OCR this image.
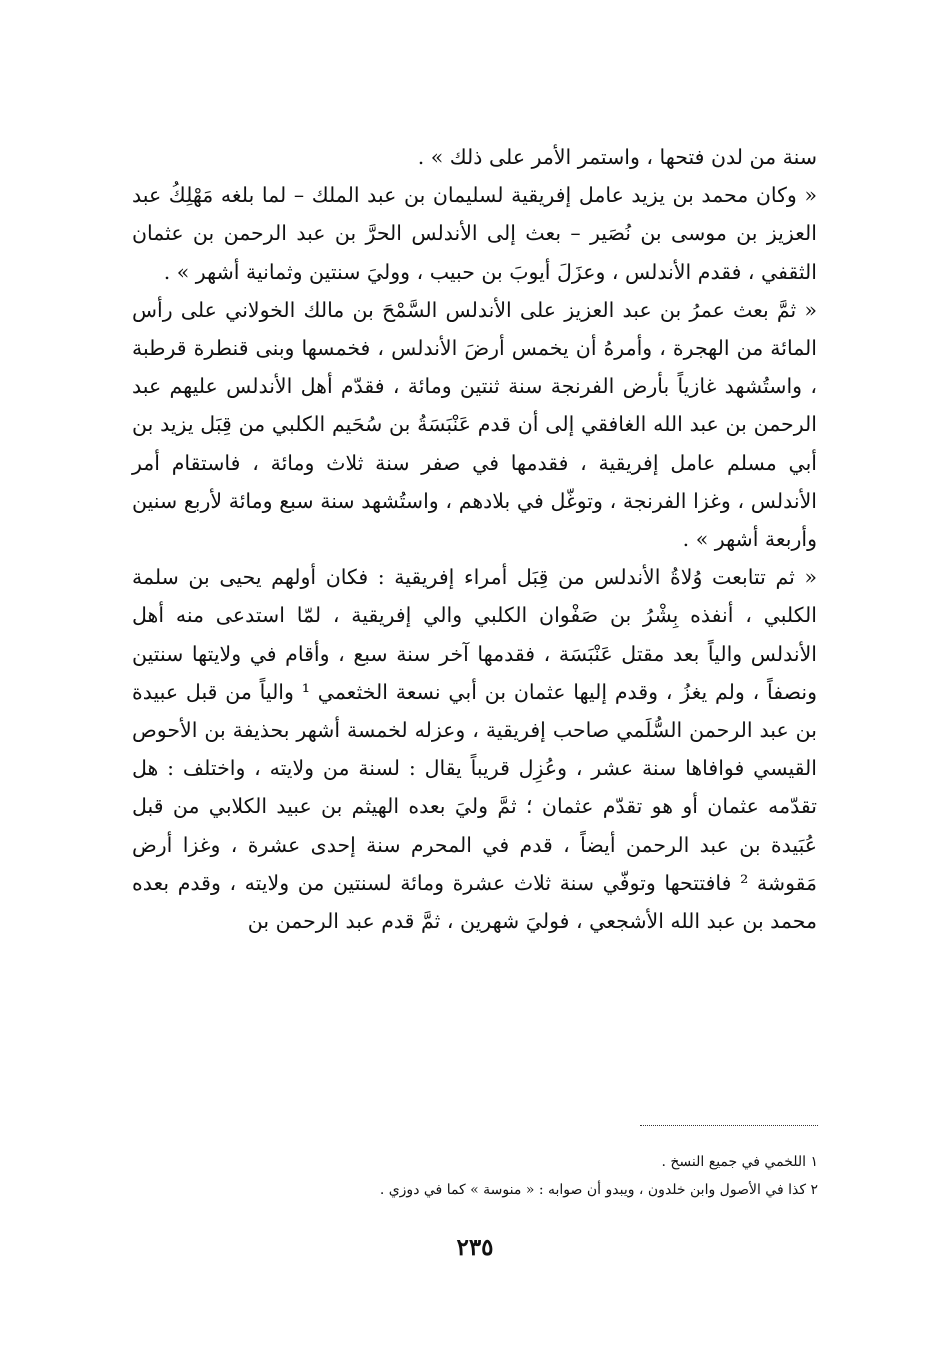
سنة من لدن فتحها ، واستمر الأمر على ذلك » .

« وكان محمد بن يزيد عامل إفريقية لسليمان بن عبد الملك – لما بلغه مَهْلِكُ عبد العزيز بن موسى بن نُصَير – بعث إلى الأندلس الحرَّ بن عبد الرحمن بن عثمان الثقفي ، فقدم الأندلس ، وعزَلَ أيوبَ بن حبيب ، ووليَ سنتين وثمانية أشهر » .

« ثمَّ بعث عمرُ بن عبد العزيز على الأندلس السَّمْحَ بن مالك الخولاني على رأس المائة من الهجرة ، وأمرهُ أن يخمس أرضَ الأندلس ، فخمسها وبنى قنطرة قرطبة ، واستُشهد غازياً بأرض الفرنجة سنة ثنتين ومائة ، فقدّم أهل الأندلس عليهم عبد الرحمن بن عبد الله الغافقي إلى أن قدم عَنْبَسَةُ بن سُحَيم الكلبي من قِبَل يزيد بن أبي مسلم عامل إفريقية ، فقدمها في صفر سنة ثلاث ومائة ، فاستقام أمر الأندلس ، وغزا الفرنجة ، وتوغّل في بلادهم ، واستُشهد سنة سبع ومائة لأربع سنين وأربعة أشهر » .

« ثم تتابعت وُلاةُ الأندلس من قِبَل أمراء إفريقية : فكان أولهم يحيى بن سلمة الكلبي ، أنفذه بِشْرُ بن صَفْوان الكلبي والي إفريقية ، لمّا استدعى منه أهل الأندلس والياً بعد مقتل عَنْبَسَة ، فقدمها آخر سنة سبع ، وأقام في ولايتها سنتين ونصفاً ، ولم يغزُ ، وقدم إليها عثمان بن أبي نسعة الخثعمي ¹ والياً من قبل عبيدة بن عبد الرحمن السُّلَمي صاحب إفريقية ، وعزله لخمسة أشهر بحذيفة بن الأحوص القيسي فوافاها سنة عشر ، وعُزِل قريباً يقال : لسنة من ولايته ، واختلف : هل تقدّمه عثمان أو هو تقدّم عثمان ؛ ثمَّ وليَ بعده الهيثم بن عبيد الكلابي من قبل عُبَيدة بن عبد الرحمن أيضاً ، قدم في المحرم سنة إحدى عشرة ، وغزا أرض مَقوشة ² فافتتحها وتوفّي سنة ثلاث عشرة ومائة لسنتين من ولايته ، وقدم بعده محمد بن عبد الله الأشجعي ، فوليَ شهرين ، ثمَّ قدم عبد الرحمن بن

١ اللخمي في جميع النسخ .
٢ كذا في الأصول وابن خلدون ، ويبدو أن صوابه : « منوسة » كما في دوزي .
٢٣٥
